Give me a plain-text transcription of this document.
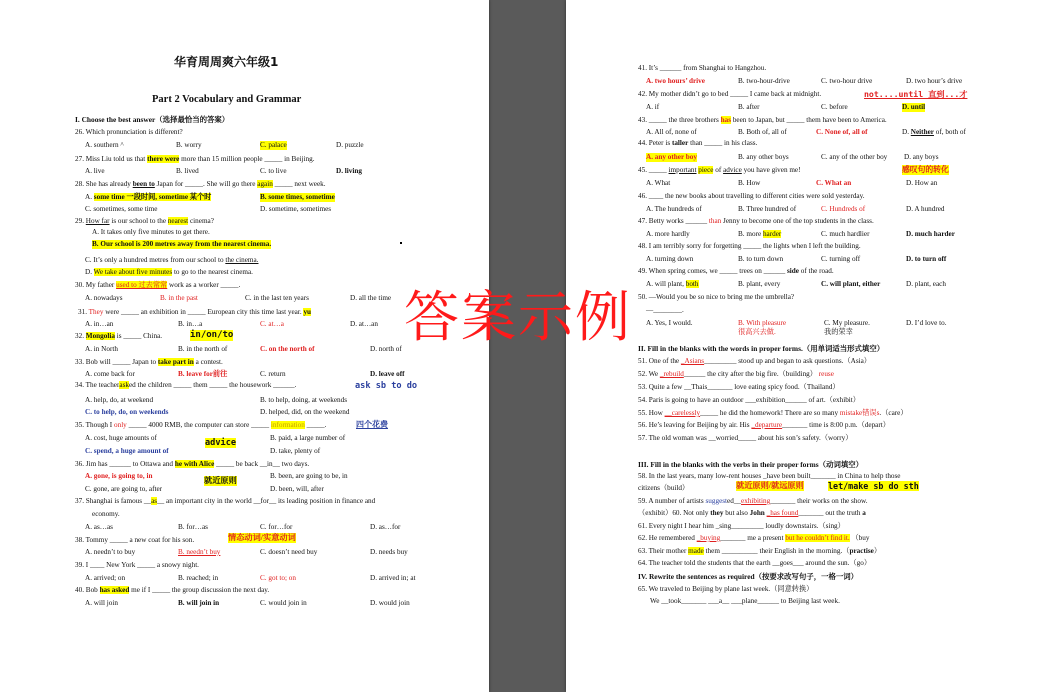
华育周周爽六年级1
Part 2 Vocabulary and Grammar
I. Choose the best answer（选择最恰当的答案）
26. Which pronunciation is different?
A. southern ^	B. worry	C. palace	D. puzzle
27. Miss Liu told us that there were more than 15 million people _____ in Beijing.
A. live	B. lived	C. to live	D. living
28. She has already been to Japan for _____. She will go there again _____ next week.
A. some time 一段时间, sometime 某个时	B. some times, sometime
C. sometimes, some time	D. sometime, sometimes
29. How far is our school to the nearest cinema?
A. It takes only five minutes to get there.
B. Our school is 200 metres away from the nearest cinema.
C. It’s only a hundred metres from our school to the cinema.
D. We take about five minutes to go to the nearest cinema.
30. My father used to 过去常常 work as a worker _____.
A. nowadays	B. in the past	C. in the last ten years	D. all the time
31. They were _____ an exhibition in _____ European city this time last year. yu
A. in…an	B. in…a	C. at…a	D. at…an
32. Mongolia is _____ China.	in/on/to
A. in North	B. in the north of	C. on the north of	D. north of
33. Bob will _____ Japan to take part in a contest.
A. come back for	B. leave for前往	C. return	D. leave off
34. The teacherasked the children _____ them _____ the housework ______.	ask sb to do
A. help, do, at weekend	B. to help, doing, at weekends
C. to help, do, on weekends	D. helped, did, on the weekend
35. Though I only _____ 4000 RMB, the computer can store _____ information _____.	四个花费
A. cost, huge amounts of	advice	B. paid, a large number of
C. spend, a huge amount of	D. take, plenty of
36. Jim has ______ to Ottawa and he with Alice _____ be back __in__ two days.
A. gone, is going to, in	就近原则	B. been, are going to be, in
C. gone, are going to, after	D. been, will, after
37. Shanghai is famous __as__ an important city in the world __for__ its leading position in finance and
economy.
A. as…as	B. for…as	C. for…for	D. as…for
38. Tommy _____ a new coat for his son.	情态动词/实意动词
A. needn’t to buy	B. needn’t buy	C. doesn’t need buy	D. needs buy
39. I ____ New York _____ a snowy night.
A. arrived; on	B. reached; in	C. got to; on	D. arrived in; at
40. Bob has asked me if I _____ the group discussion the next day.
A. will join	B. will join in	C. would join in	D. would join
41. It’s ______ from Shanghai to Hangzhou.
A. two hours’ drive	B. two-hour-drive	C. two-hour drive	D. two hour’s drive
42. My mother didn’t go to bed _____ I came back at midnight.	not....until 直到...才
A. if	B. after	C. before	D. until
43. _____ the three brothers has been to Japan, but _____ them have been to America.
A. All of, none of	B. Both of, all of	C. None of, all of	D. Neither of, both of
44. Peter is taller than _____ in his class.
A. any other boy	B. any other boys	C. any of the other boy D. any boys
45. _____ important piece of advice you have given me!	感叹句的转化
A. What	B. How	C. What an	D. How an
46. ____ the new books about travelling to different cities were sold yesterday.
A. The hundreds of	B. Three hundred of	C. Hundreds of	D. A hundred
47. Betty works ______ than Jenny to become one of the top students in the class.
A. more hardly	B. more harder	C. much hardlier	D. much harder
48. I am terribly sorry for forgetting _____ the lights when I left the building.
A. turning down	B. to turn down	C. turning off	D. to turn off
49. When spring comes, we _____ trees on ______ side of the road.
A. will plant, both	B. plant, every	C. will plant, either	D. plant, each
50. —Would you be so nice to bring me the umbrella?
—________.
A. Yes, I would.	B. With pleasure
很高兴去做.
C. My pleasure.
我的荣幸
D. I’d love to.
II. Fill in the blanks with the words in proper forms.（用单词适当形式填空）
51. One of the _Asians_________ stood up and began to ask questions.（Asia）
52. We _rebuild______ the city after the big fire.（building） reuse
53. Quite a few __Thais_______ love eating spicy food.（Thailand）
54. Paris is going to have an outdoor ___exhibition______ of art.（exhibit）
55. How __carelessly_____ he did the homework! There are so many mistake错误s.（care）
56. He’s leaving for Beijing by air. His _departure_______ time is 8:00 p.m.（depart）
57. The old woman was __worried_____ about his son’s safety.（worry）
III. Fill in the blanks with the verbs in their proper forms（动词填空）
58. In the last years, many low-rent houses _have been built_______ in China to help those
citizens（build）	就近原则/就远原则	let/make sb do sth
59. A number of artists suggested__exhibiting_______ their works on the show.
（exhibit）60. Not only they but also John _has found_______ out the truth a
61. Every night I hear him _sing_________ loudly downstairs.（sing）
62. He remembered _buying_______ me a present but he couldn’t find it. （buy
63. Their mother made them __________ their English in the morning.（practise）
64. The teacher told the students that the earth __goes___ around the sun.（go）
IV. Rewrite the sentences as required（按要求改写句子，一格一词）
65. We traveled to Beijing by plane last week.（同意转换）
We __took_______ ___a__ ___plane______ to Beijing last week.
答案示例
